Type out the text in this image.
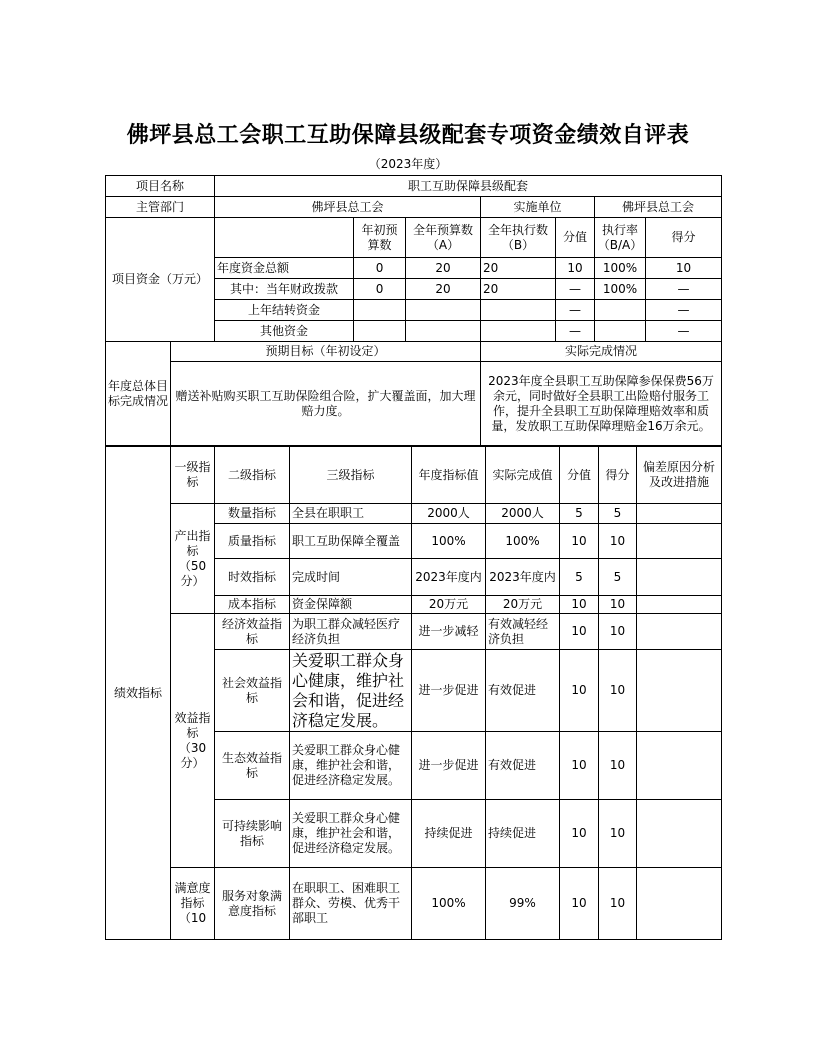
佛坪县总工会职工互助保障县级配套专项资金绩效自评表
（2023年度）
项目名称		职工互助保障县级配套						
主管部门		佛坪县总工会			实施单位		佛坪县总工会	
项目资金（万元）			年初预算数	全年预算数（A）	全年执行数（B）	分值	执行率（B/A）	得分
		年度资金总额	0	20	20	10	100%	10
		其中：当年财政拨款	0	20	20	—	100%	—
		上年结转资金				—		—
		其他资金				—		—
年度总体目标完成情况	预期目标（年初设定）				实际完成情况			
	赠送补贴购买职工互助保险组合险，扩大覆盖面，加大理赔力度。				2023年度全县职工互助保障参保保费56万余元，同时做好全县职工出险赔付服务工作，提升全县职工互助保障理赔效率和质量，发放职工互助保障理赔金16万余元。			
绩效指标	一级指标	二级指标	三级指标	年度指标值	实际完成值	分值	得分	偏差原因分析及改进措施
	产出指标（50分）	数量指标	全县在职职工	2000人	2000人	5	5	
		质量指标	职工互助保障全覆盖	100%	100%	10	10	
		时效指标	完成时间	2023年度内	2023年度内	5	5	
		成本指标	资金保障额	20万元	20万元	10	10	
	效益指标（30分）	经济效益指标	为职工群众减轻医疗经济负担	进一步减轻	有效减轻经济负担	10	10	
		社会效益指标	关爱职工群众身心健康，维护社会和谐，促进经济稳定发展。	进一步促进	有效促进	10	10	
		生态效益指标	关爱职工群众身心健康，维护社会和谐，促进经济稳定发展。	进一步促进	有效促进	10	10	
		可持续影响指标	关爱职工群众身心健康，维护社会和谐，促进经济稳定发展。	持续促进	持续促进	10	10	
	满意度指标（10	服务对象满意度指标	在职职工、困难职工群众、劳模、优秀干部职工	100%	99%	10	10	
